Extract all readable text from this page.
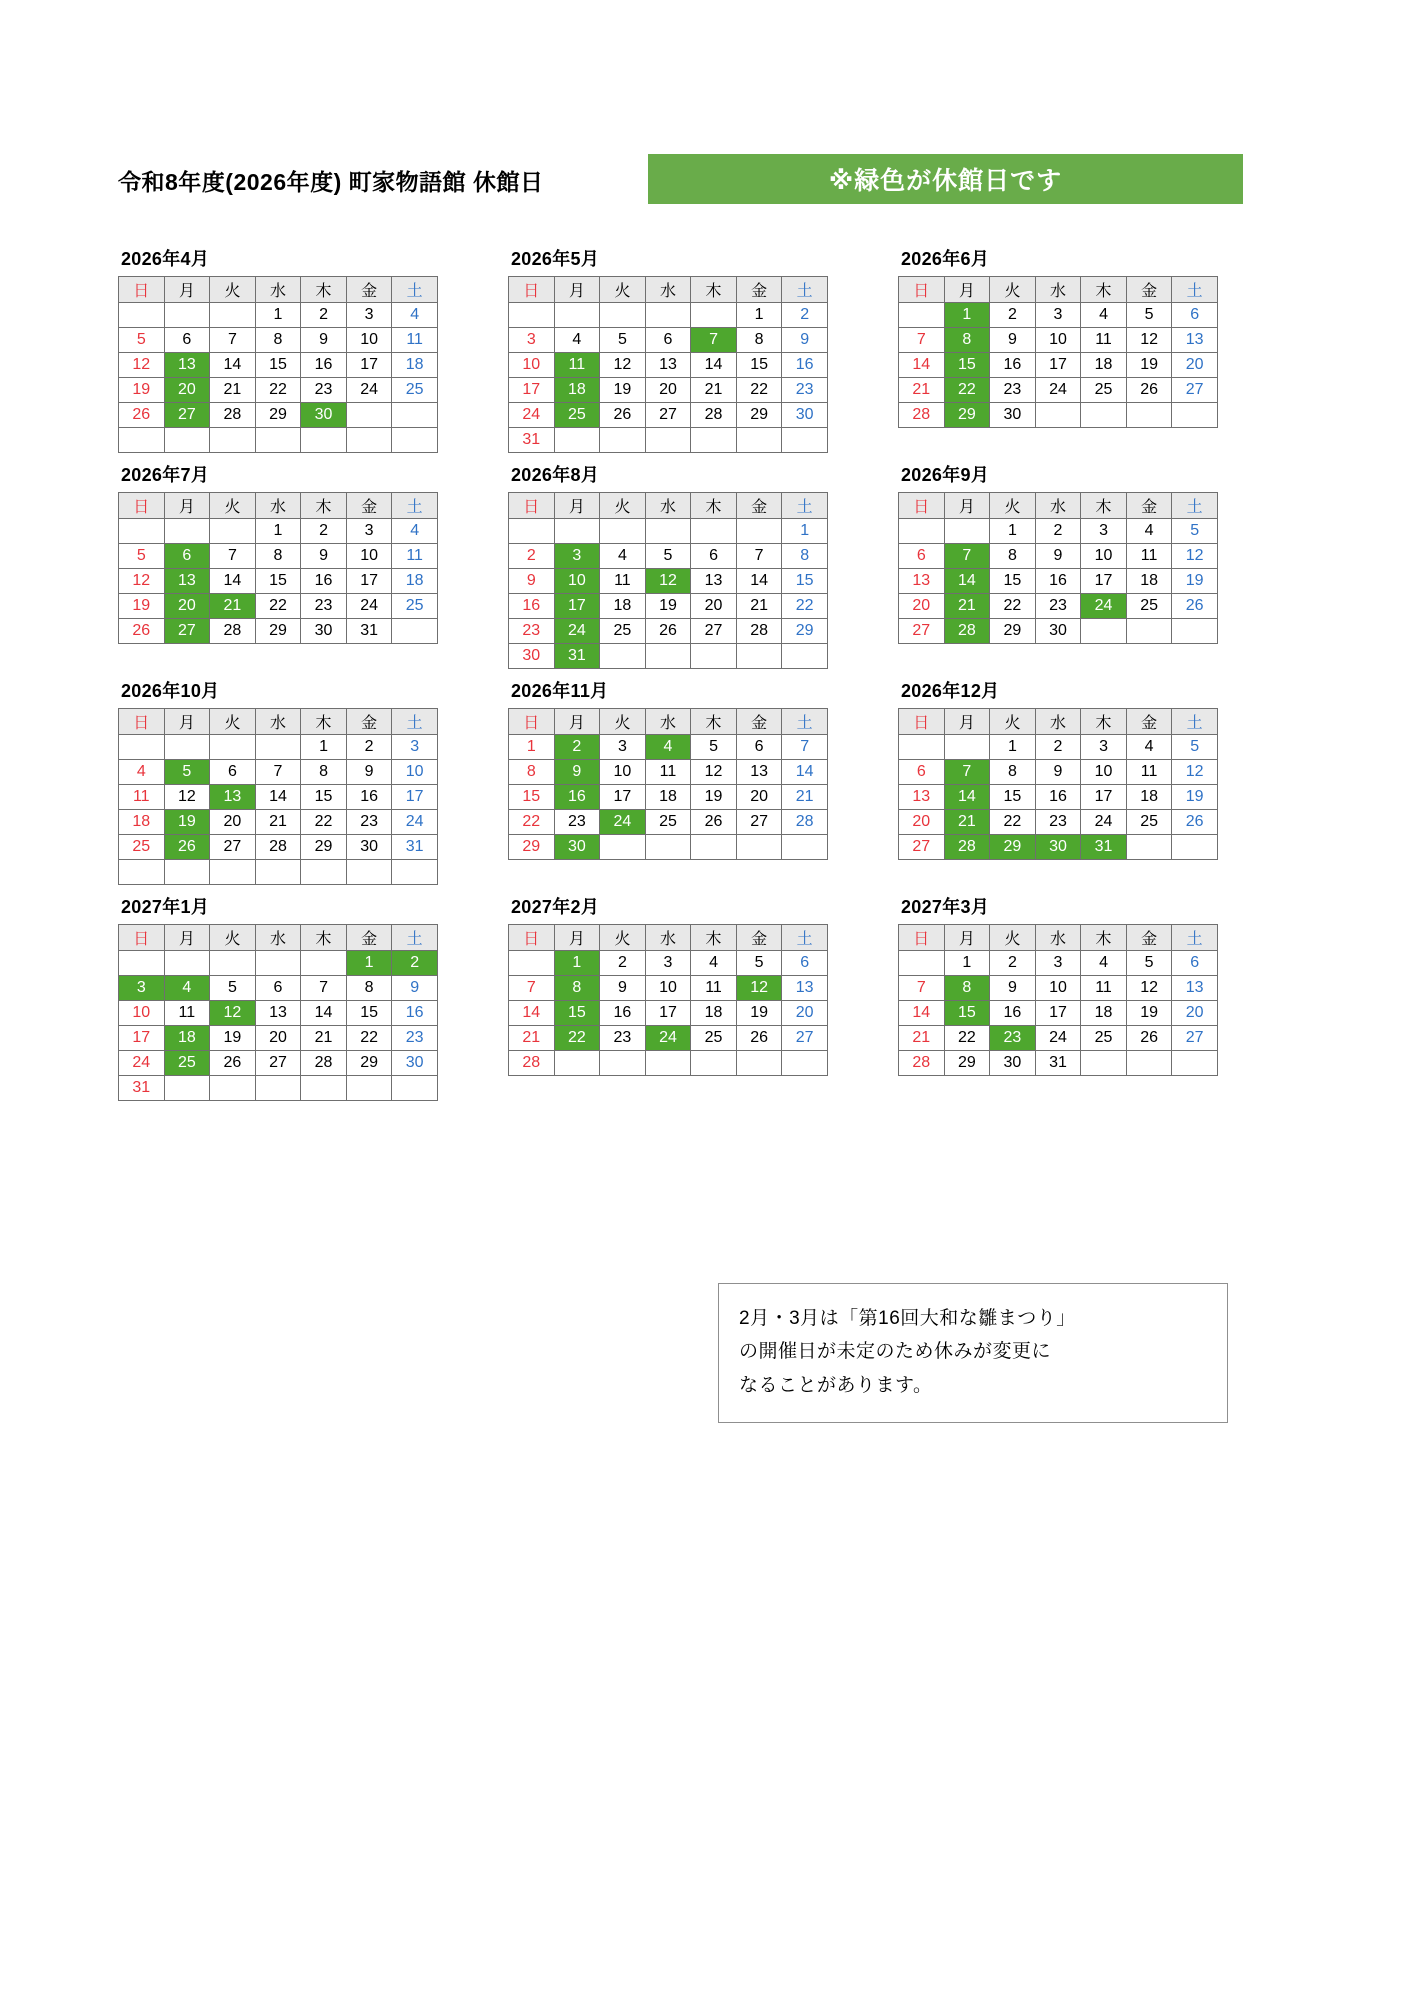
令和8年度(2026年度) 町家物語館 休館日	※緑色が休館日です
2026年4月
日	月	火	水	木	金	土
			1	2	3	4
5	6	7	8	9	10	11
12	13	14	15	16	17	18
19	20	21	22	23	24	25
26	27	28	29	30		

2026年5月
日	月	火	水	木	金	土
					1	2
3	4	5	6	7	8	9
10	11	12	13	14	15	16
17	18	19	20	21	22	23
24	25	26	27	28	29	30
31						
2026年6月
日	月	火	水	木	金	土
	1	2	3	4	5	6
7	8	9	10	11	12	13
14	15	16	17	18	19	20
21	22	23	24	25	26	27
28	29	30				
2026年7月
日	月	火	水	木	金	土
			1	2	3	4
5	6	7	8	9	10	11
12	13	14	15	16	17	18
19	20	21	22	23	24	25
26	27	28	29	30	31	
2026年8月
日	月	火	水	木	金	土
						1
2	3	4	5	6	7	8
9	10	11	12	13	14	15
16	17	18	19	20	21	22
23	24	25	26	27	28	29
30	31					
2026年9月
日	月	火	水	木	金	土
		1	2	3	4	5
6	7	8	9	10	11	12
13	14	15	16	17	18	19
20	21	22	23	24	25	26
27	28	29	30			
2026年10月
日	月	火	水	木	金	土
				1	2	3
4	5	6	7	8	9	10
11	12	13	14	15	16	17
18	19	20	21	22	23	24
25	26	27	28	29	30	31

2026年11月
日	月	火	水	木	金	土
1	2	3	4	5	6	7
8	9	10	11	12	13	14
15	16	17	18	19	20	21
22	23	24	25	26	27	28
29	30					
2026年12月
日	月	火	水	木	金	土
		1	2	3	4	5
6	7	8	9	10	11	12
13	14	15	16	17	18	19
20	21	22	23	24	25	26
27	28	29	30	31		
2027年1月
日	月	火	水	木	金	土
					1	2
3	4	5	6	7	8	9
10	11	12	13	14	15	16
17	18	19	20	21	22	23
24	25	26	27	28	29	30
31						
2027年2月
日	月	火	水	木	金	土
	1	2	3	4	5	6
7	8	9	10	11	12	13
14	15	16	17	18	19	20
21	22	23	24	25	26	27
28						
2027年3月
日	月	火	水	木	金	土
	1	2	3	4	5	6
7	8	9	10	11	12	13
14	15	16	17	18	19	20
21	22	23	24	25	26	27
28	29	30	31			
2月・3月は「第16回大和な雛まつり」
の開催日が未定のため休みが変更に
なることがあります。
